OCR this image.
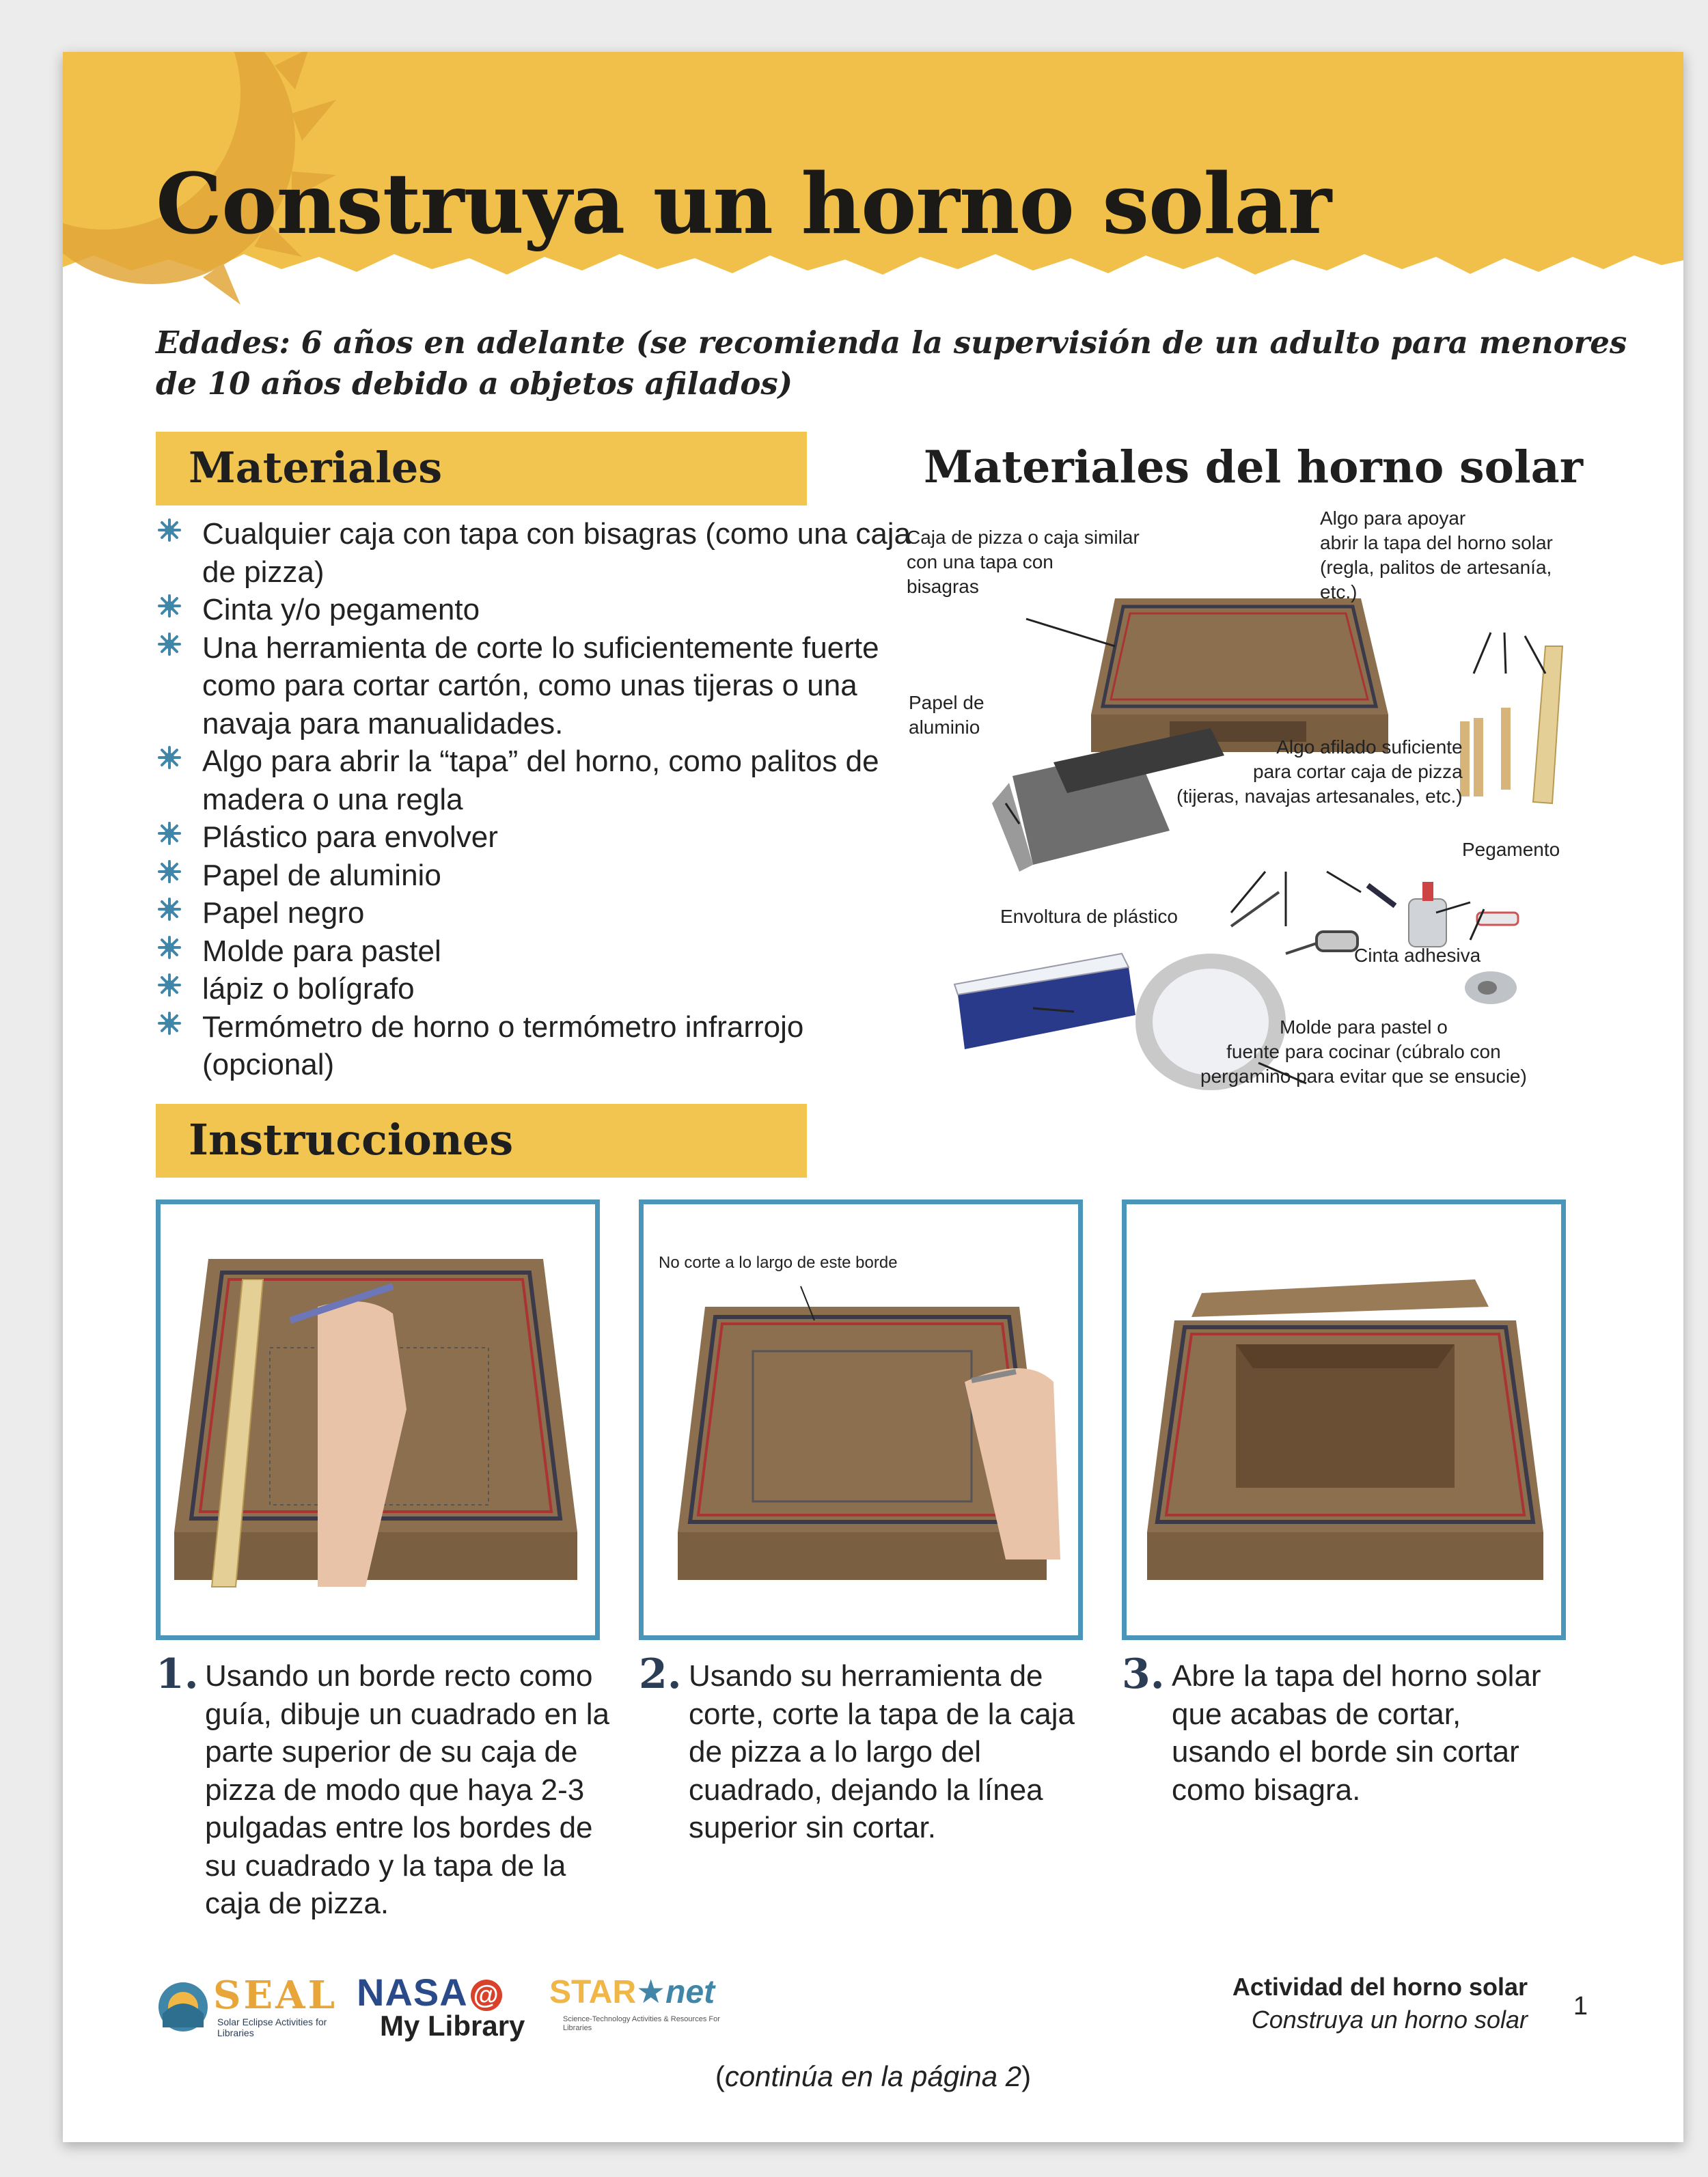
Construya un horno solar

Edades: 6 años en adelante (se recomienda la supervisión de un adulto para menores de 10 años debido a objetos afilados)

Materiales
Cualquier caja con tapa con bisagras (como una caja de pizza)
Cinta y/o pegamento
Una herramienta de corte lo suficientemente fuerte como para cortar cartón, como unas tijeras o una navaja para manualidades.
Algo para abrir la “tapa” del horno, como palitos de madera o una regla
Plástico para envolver
Papel de aluminio
Papel negro
Molde para pastel
lápiz o bolígrafo
Termómetro de horno o termómetro infrarrojo (opcional)
Materiales del horno solar
Caja de pizza o caja similar
con una tapa con
bisagras
Algo para apoyar
abrir la tapa del horno solar
(regla, palitos de artesanía,
etc.)
Papel de
aluminio
Algo afilado suficiente
para cortar caja de pizza
(tijeras, navajas artesanales, etc.)
Pegamento
Envoltura de plástico
Cinta adhesiva
Molde para pastel o
fuente para cocinar (cúbralo con
pergamino para evitar que se ensucie)
Instrucciones
No corte a lo largo de este borde
1. Usando un borde recto como guía, dibuje un cuadrado en la parte superior de su caja de pizza de modo que haya 2-3 pulgadas entre los bordes de su cuadrado y la tapa de la caja de pizza.
2. Usando su herramienta de corte, corte la tapa de la caja de pizza a lo largo del cuadrado, dejando la línea superior sin cortar.
3. Abre la tapa del horno solar que acabas de cortar, usando el borde sin cortar como bisagra.
SEAL
Solar Eclipse Activities for Libraries
NASA @
My Library
STAR★net
Science-Technology Activities & Resources For Libraries
Actividad del horno solar
Construya un horno solar 1
(continúa en la página 2)
